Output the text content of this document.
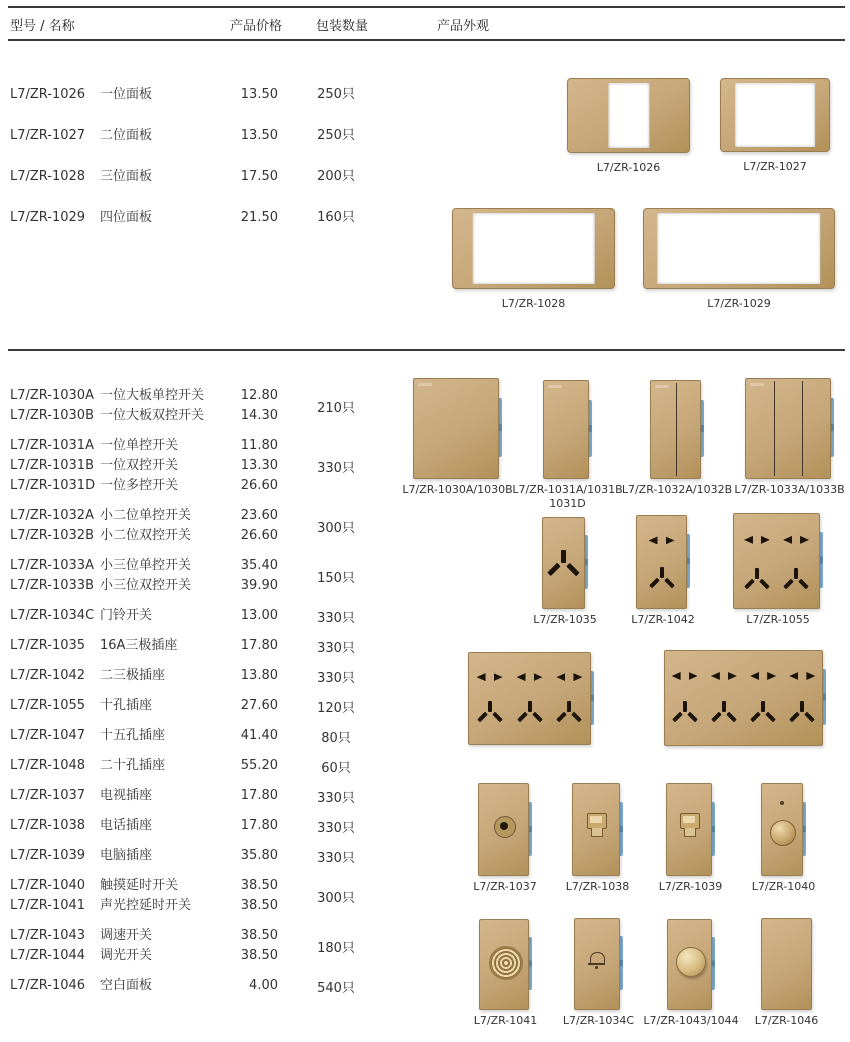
型号 / 名称	产品价格	包装数量	产品外观
L7/ZR-1026	一位面板	13.50	250只
L7/ZR-1027	二位面板	13.50	250只
L7/ZR-1028	三位面板	17.50	200只
L7/ZR-1029	四位面板	21.50	160只
L7/ZR-1030A 一位大板单控开关	12.80
L7/ZR-1030B 一位大板双控开关	14.30	210只
L7/ZR-1031A 一位单控开关	11.80
L7/ZR-1031B 一位双控开关	13.30
L7/ZR-1031D 一位多控开关	26.60
330只
L7/ZR-1032A 小二位单控开关	23.60
L7/ZR-1032B 小二位双控开关	26.60	300只
L7/ZR-1033A 小三位单控开关	35.40
L7/ZR-1033B 小三位双控开关	39.90	150只
L7/ZR-1034C 门铃开关	13.00	330只
L7/ZR-1035	16A三极插座	17.80	330只
L7/ZR-1042	二三极插座	13.80	330只
L7/ZR-1055	十孔插座	27.60	120只
L7/ZR-1047	十五孔插座	41.40	80只
L7/ZR-1048	二十孔插座	55.20	60只
L7/ZR-1037	电视插座	17.80	330只
L7/ZR-1038	电话插座	17.80	330只
L7/ZR-1039	电脑插座	35.80	330只
L7/ZR-1040	触摸延时开关	38.50
L7/ZR-1041	声光控延时开关	38.50	300只
L7/ZR-1043	调速开关	38.50
L7/ZR-1044	调光开关	38.50	180只
L7/ZR-1046	空白面板	4.00	540只
L7/ZR-1026	L7/ZR-1027
L7/ZR-1028	L7/ZR-1029
L7/ZR-1030A/1030B L7/ZR-1031A/1031B
1031D
L7/ZR-1032A/1032B L7/ZR-1033A/1033B
L7/ZR-1035	L7/ZR-1042	L7/ZR-1055
L7/ZR-1037	L7/ZR-1038	L7/ZR-1039	L7/ZR-1040
L7/ZR-1041	L7/ZR-1034C L7/ZR-1043/1044	L7/ZR-1046
